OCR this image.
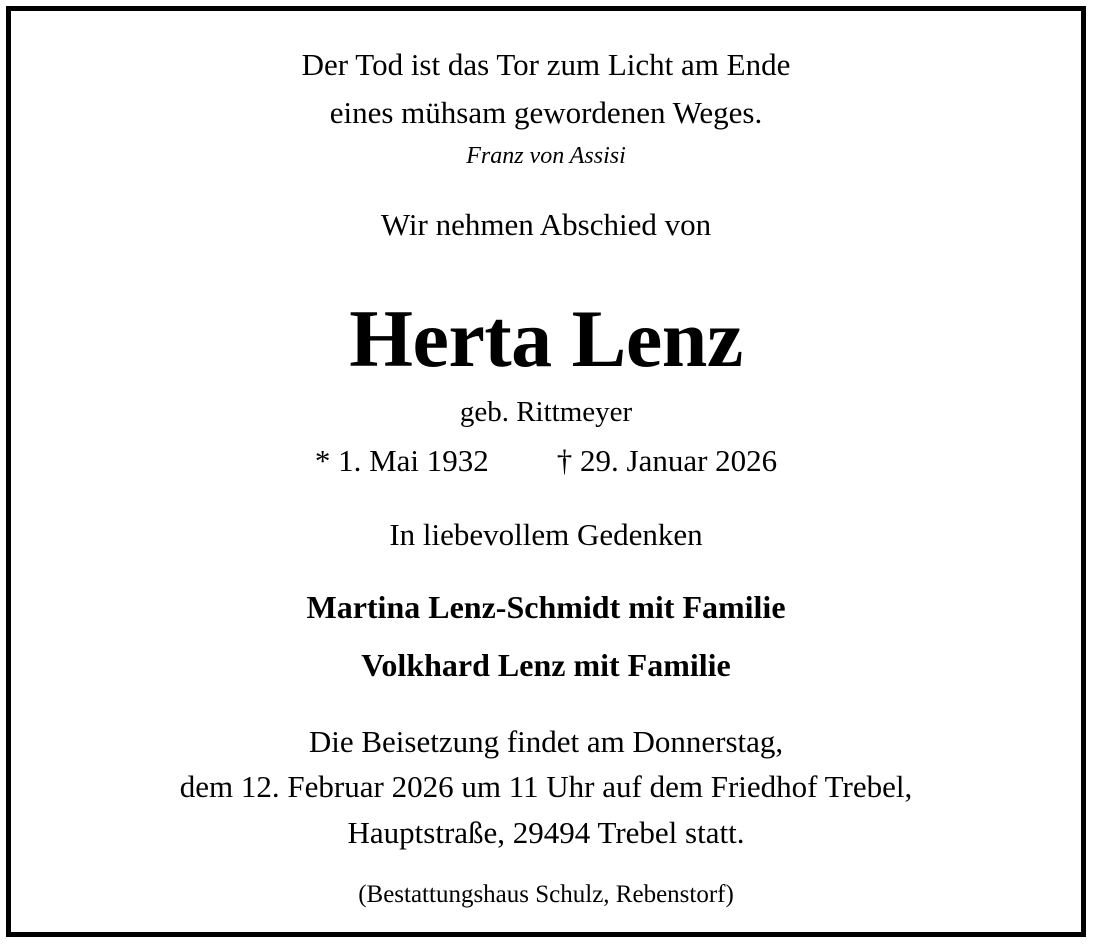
Der Tod ist das Tor zum Licht am Ende
eines mühsam gewordenen Weges.
Franz von Assisi
Wir nehmen Abschied von
Herta Lenz
geb. Rittmeyer
* 1. Mai 1932 † 29. Januar 2026
In liebevollem Gedenken
Martina Lenz-Schmidt mit Familie
Volkhard Lenz mit Familie
Die Beisetzung findet am Donnerstag,
dem 12. Februar 2026 um 11 Uhr auf dem Friedhof Trebel,
Hauptstraße, 29494 Trebel statt.
(Bestattungshaus Schulz, Rebenstorf)
